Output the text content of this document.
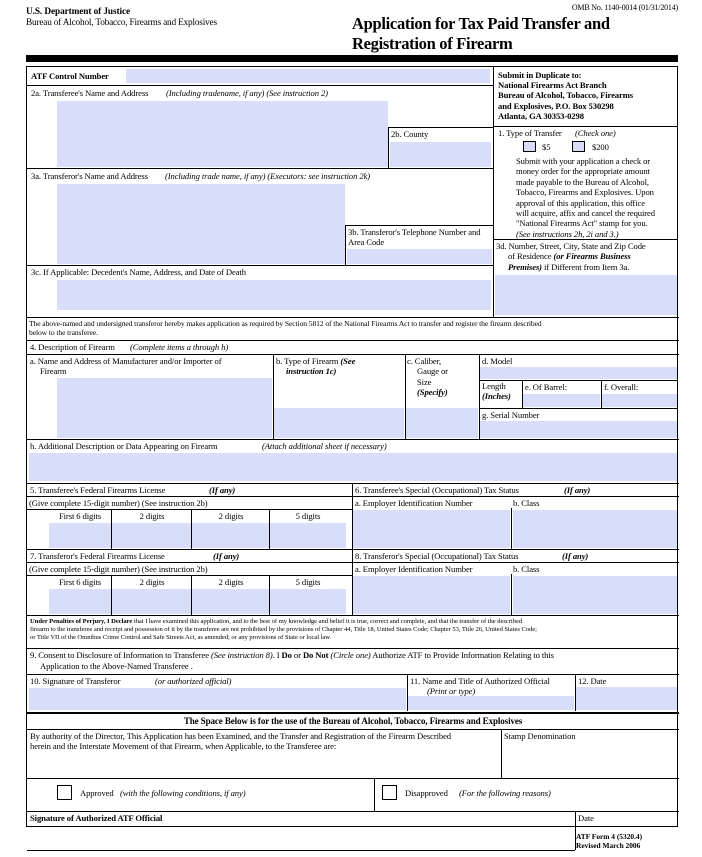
U.S. Department of Justice
Bureau of Alcohol, Tobacco, Firearms and Explosives
OMB No. 1140-0014 (01/31/2014)
Application for Tax Paid Transfer and
Registration of Firearm
ATF Control Number	Submit in Duplicate to:
National Firearms Act Branch
Bureau of Alcohol, Tobacco, Firearms
and Explosives, P.O. Box 530298
Atlanta, GA 30353-0298
1. Type of Transfer (Check one)
$5	$200
Submit with your application a check or
money order for the appropriate amount
made payable to the Bureau of Alcohol,
Tobacco, Firearms and Explosives. Upon
approval of this application, this office
will acquire, affix and cancel the required
"National Firearms Act" stamp for you.
(See instructions 2h, 2i and 3.)
3d. Number, Street, City, State and Zip Code
of Residence (or Firearms Business
Premises) if Different from Item 3a.
2a. Transferee's Name and Address (Including tradename, if any) (See instruction 2)
2b. County
3a. Transferor's Name and Address (Including trade name, if any) (Executors: see instruction 2k)
3b. Transferor's Telephone Number and
Area Code
3c. If Applicable: Decedent's Name, Address, and Date of Death
The above-named and undersigned transferor hereby makes application as required by Section 5812 of the National Firearms Act to transfer and register the firearm described
below to the transferee.
4. Description of Firearm (Complete items a through h)
a. Name and Address of Manufacturer and/or Importer of
Firearm
b. Type of Firearm (See
instruction 1c)
c. Caliber,
Gauge or
Size
(Specify)
d. Model
Length
(Inches)
e. Of Barrel:	f. Overall:
g. Serial Number
h. Additional Description or Data Appearing on Firearm	(Attach additional sheet if necessary)
5. Transferee's Federal Firearms License	(If any)
(Give complete 15-digit number) (See instruction 2b)
First 6 digits	2 digits	2 digits	5 digits
6. Transferee's Special (Occupational) Tax Status	(If any)
a. Employer Identification Number	b. Class
7. Transferor's Federal Firearms License	(If any)
(Give complete 15-digit number) (See instruction 2b)
First 6 digits	2 digits	2 digits	5 digits
8. Transferor's Special (Occupational) Tax Status	(If any)
a. Employer Identification Number	b. Class
Under Penalties of Perjury, I Declare that I have examined this application, and to the best of my knowledge and belief it is true, correct and complete, and that the transfer of the described
firearm to the transferee and receipt and possession of it by the transferee are not prohibited by the provisions of Chapter 44, Title 18, United States Code; Chapter 53, Title 26, United States Code;
or Title VII of the Omnibus Crime Control and Safe Streets Act, as amended; or any provisions of State or local law.
9. Consent to Disclosure of Information to Transferee (See instruction 8). I Do or Do Not (Circle one) Authorize ATF to Provide Information Relating to this
Application to the Above-Named Transferee .
10. Signature of Transferor	(or authorized official)	11. Name and Title of Authorized Official
(Print or type)
12. Date
The Space Below is for the use of the Bureau of Alcohol, Tobacco, Firearms and Explosives
By authority of the Director, This Application has been Examined, and the Transfer and Registration of the Firearm Described
herein and the Interstate Movement of that Firearm, when Applicable, to the Transferee are:
Stamp Denomination
Approved (with the following conditions, if any)	Disapproved (For the following reasons)
Signature of Authorized ATF Official	Date
ATF Form 4 (5320.4)
Revised March 2006
